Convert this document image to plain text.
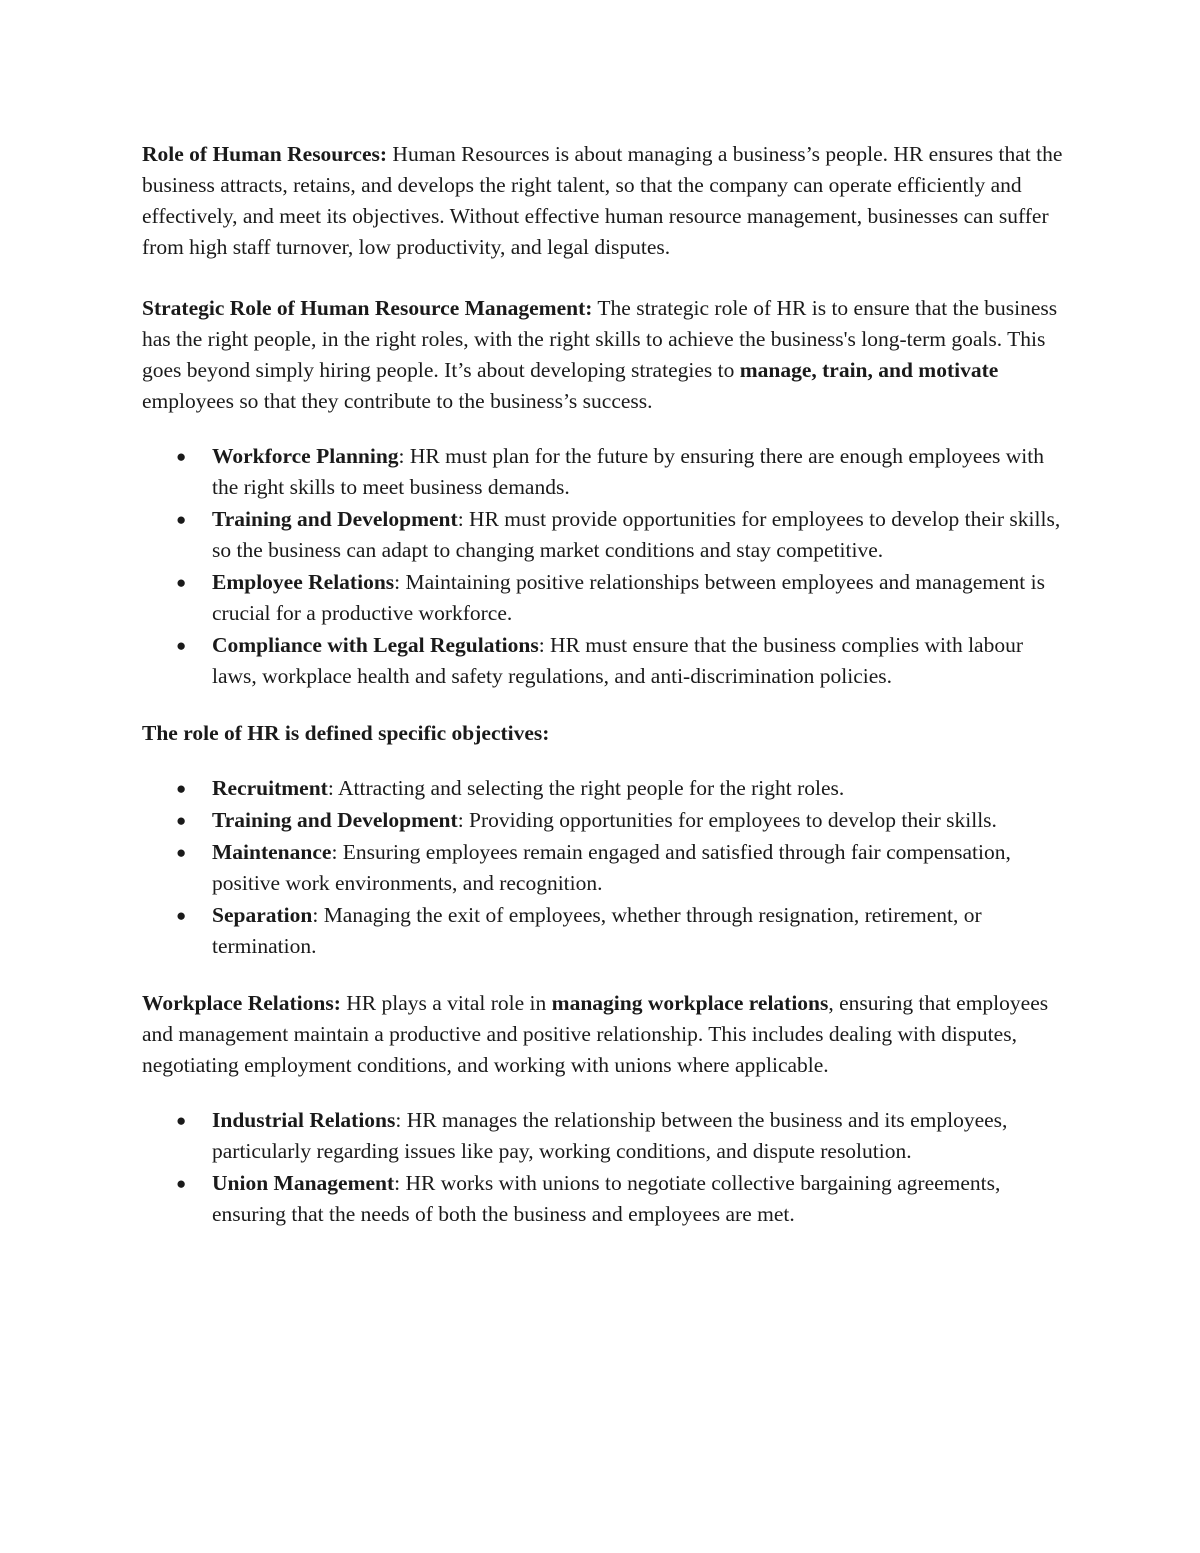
Role of Human Resources: Human Resources is about managing a business’s people. HR ensures that the business attracts, retains, and develops the right talent, so that the company can operate efficiently and effectively, and meet its objectives. Without effective human resource management, businesses can suffer from high staff turnover, low productivity, and legal disputes.

Strategic Role of Human Resource Management: The strategic role of HR is to ensure that the business has the right people, in the right roles, with the right skills to achieve the business's long-term goals. This goes beyond simply hiring people. It’s about developing strategies to manage, train, and motivate employees so that they contribute to the business’s success.

● Workforce Planning: HR must plan for the future by ensuring there are enough employees with the right skills to meet business demands.
● Training and Development: HR must provide opportunities for employees to develop their skills, so the business can adapt to changing market conditions and stay competitive.
● Employee Relations: Maintaining positive relationships between employees and management is crucial for a productive workforce.
● Compliance with Legal Regulations: HR must ensure that the business complies with labour laws, workplace health and safety regulations, and anti-discrimination policies.

The role of HR is defined specific objectives:

● Recruitment: Attracting and selecting the right people for the right roles.
● Training and Development: Providing opportunities for employees to develop their skills.
● Maintenance: Ensuring employees remain engaged and satisfied through fair compensation, positive work environments, and recognition.
● Separation: Managing the exit of employees, whether through resignation, retirement, or termination.

Workplace Relations: HR plays a vital role in managing workplace relations, ensuring that employees and management maintain a productive and positive relationship. This includes dealing with disputes, negotiating employment conditions, and working with unions where applicable.

● Industrial Relations: HR manages the relationship between the business and its employees, particularly regarding issues like pay, working conditions, and dispute resolution.
● Union Management: HR works with unions to negotiate collective bargaining agreements, ensuring that the needs of both the business and employees are met.
